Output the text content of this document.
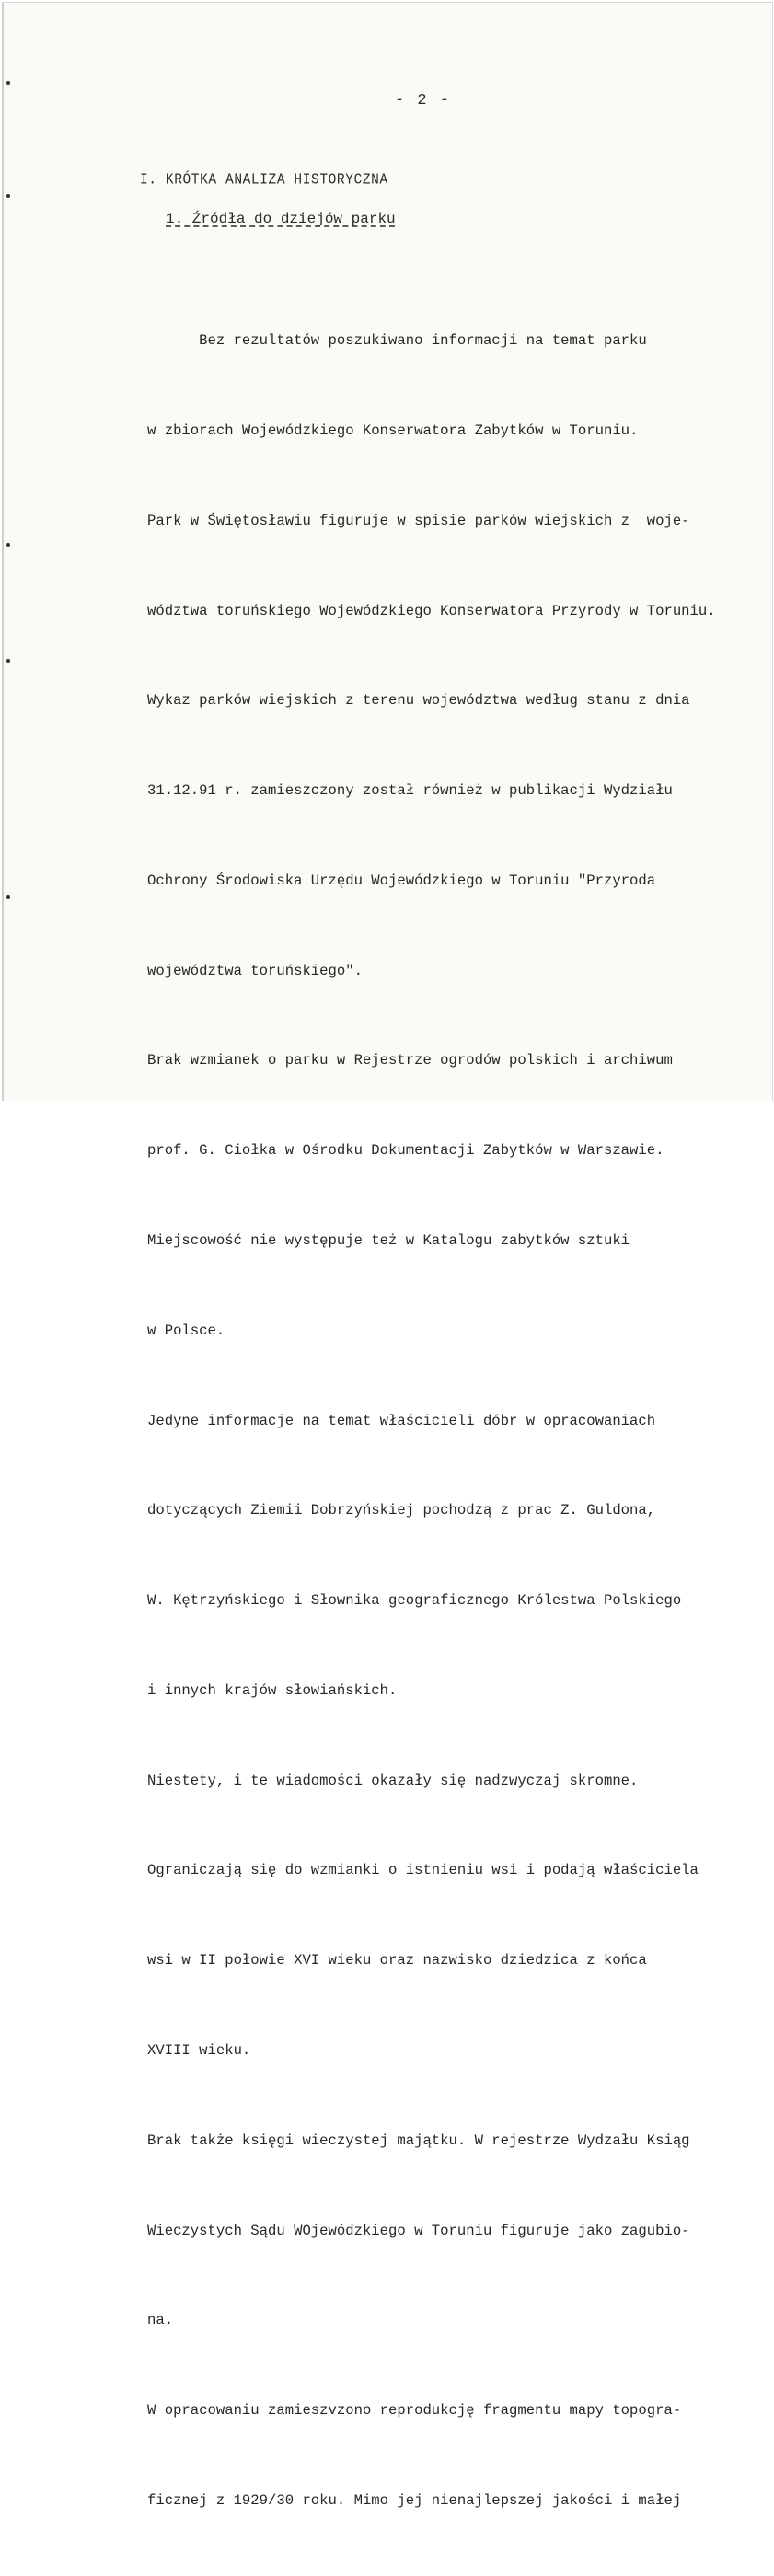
- 2 -
I. KRÓTKA ANALIZA HISTORYCZNA
1. Źródła do dziejów parku

Bez rezultatów poszukiwano informacji na temat parku

w zbiorach Wojewódzkiego Konserwatora Zabytków w Toruniu.

Park w Świętosławiu figuruje w spisie parków wiejskich z  woje-

wództwa toruńskiego Wojewódzkiego Konserwatora Przyrody w Toruniu.

Wykaz parków wiejskich z terenu województwa według stanu z dnia

31.12.91 r. zamieszczony został również w publikacji Wydziału

Ochrony Środowiska Urzędu Wojewódzkiego w Toruniu "Przyroda

województwa toruńskiego".

Brak wzmianek o parku w Rejestrze ogrodów polskich i archiwum

prof. G. Ciołka w Ośrodku Dokumentacji Zabytków w Warszawie.

Miejscowość nie występuje też w Katalogu zabytków sztuki

w Polsce.

Jedyne informacje na temat właścicieli dóbr w opracowaniach

dotyczących Ziemii Dobrzyńskiej pochodzą z prac Z. Guldona,

W. Kętrzyńskiego i Słownika geograficznego Królestwa Polskiego

i innych krajów słowiańskich.

Niestety, i te wiadomości okazały się nadzwyczaj skromne.

Ograniczają się do wzmianki o istnieniu wsi i podają właściciela

wsi w II połowie XVI wieku oraz nazwisko dziedzica z końca

XVIII wieku.

Brak także księgi wieczystej majątku. W rejestrze Wydzału Ksiąg

Wieczystych Sądu WOjewódzkiego w Toruniu figuruje jako zagubio-

na.

W opracowaniu zamieszvzono reprodukcję fragmentu mapy topogra-

ficznej z 1929/30 roku. Mimo jej nienajlepszej jakości i małej
